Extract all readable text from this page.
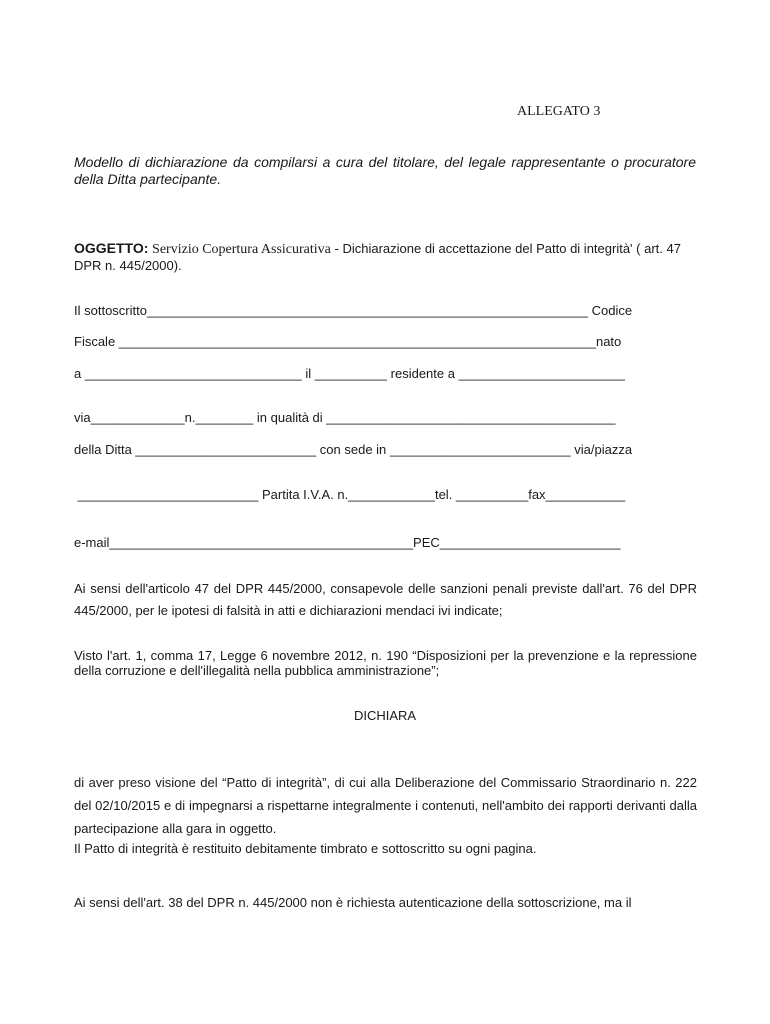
ALLEGATO 3
Modello di dichiarazione da compilarsi a cura del titolare, del legale rappresentante o procuratore della Ditta partecipante.
OGGETTO: Servizio Copertura Assicurativa - Dichiarazione di accettazione del Patto di integrità' ( art. 47 DPR n. 445/2000).
Il sottoscritto_____________________________________________________________ Codice
Fiscale __________________________________________________________________nato
a ______________________________ il __________ residente a _______________________
via_____________n.________ in qualità di ________________________________________
della Ditta _________________________ con sede in _________________________ via/piazza
_________________________ Partita I.V.A. n.____________tel. __________fax___________
e-mail__________________________________________PEC_________________________
Ai sensi dell'articolo 47 del DPR 445/2000, consapevole delle sanzioni penali previste dall'art. 76 del DPR 445/2000, per le ipotesi di falsità in atti e dichiarazioni mendaci ivi indicate;
Visto l'art. 1, comma 17, Legge 6 novembre 2012, n. 190 “Disposizioni per la prevenzione e la repressione della corruzione e dell'illegalità nella pubblica amministrazione”;
DICHIARA
di aver preso visione del “Patto di integrità”, di cui alla Deliberazione del Commissario Straordinario n. 222 del 02/10/2015 e di impegnarsi a rispettarne integralmente i contenuti, nell'ambito dei rapporti derivanti dalla partecipazione alla gara in oggetto.
Il Patto di integrità è restituito debitamente timbrato e sottoscritto su ogni pagina.
Ai sensi dell'art. 38 del DPR n. 445/2000 non è richiesta autenticazione della sottoscrizione, ma il
